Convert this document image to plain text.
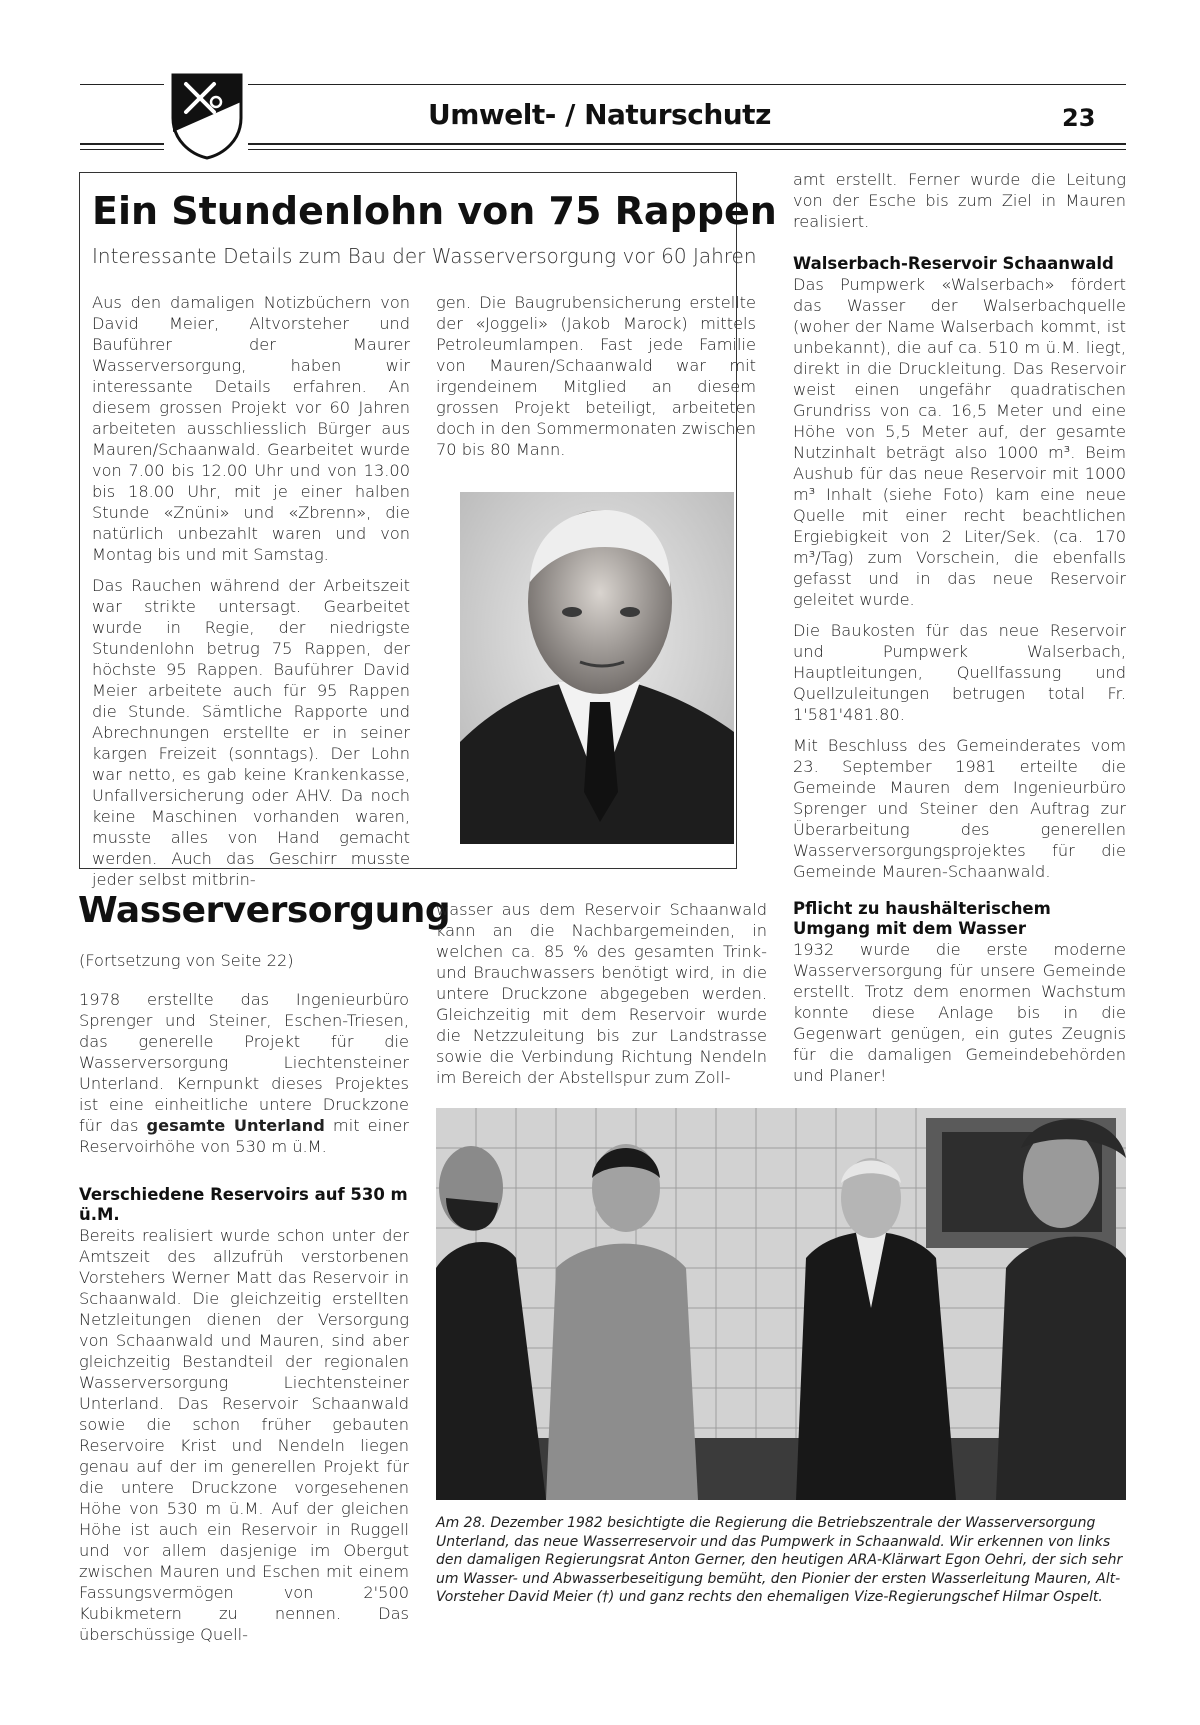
Umwelt- / Naturschutz	23
Ein Stundenlohn von 75 Rappen
Interessante Details zum Bau der Wasserversorgung vor 60 Jahren

Aus den damaligen Notizbüchern von David Meier, Altvorsteher und Bauführer der Maurer Wasserversorgung, haben wir interessante Details erfahren. An diesem grossen Projekt vor 60 Jahren arbeiteten ausschliesslich Bürger aus Mauren/Schaanwald. Gearbeitet wurde von 7.00 bis 12.00 Uhr und von 13.00 bis 18.00 Uhr, mit je einer halben Stunde «Znüni» und «Zbrenn», die natürlich unbezahlt waren und von Montag bis und mit Samstag.

Das Rauchen während der Arbeitszeit war strikte untersagt. Gearbeitet wurde in Regie, der niedrigste Stundenlohn betrug 75 Rappen, der höchste 95 Rappen. Bauführer David Meier arbeitete auch für 95 Rappen die Stunde. Sämtliche Rapporte und Abrechnungen erstellte er in seiner kargen Freizeit (sonntags). Der Lohn war netto, es gab keine Krankenkasse, Unfallversicherung oder AHV. Da noch keine Maschinen vorhanden waren, musste alles von Hand gemacht werden. Auch das Geschirr musste jeder selbst mitbrin-

gen. Die Baugrubensicherung erstellte der «Joggeli» (Jakob Marock) mittels Petroleumlampen. Fast jede Familie von Mauren/Schaanwald war mit irgendeinem Mitglied an diesem grossen Projekt beteiligt, arbeiteten doch in den Sommermonaten zwischen 70 bis 80 Mann.

amt erstellt. Ferner wurde die Leitung von der Esche bis zum Ziel in Mauren realisiert.

Walserbach-Reservoir Schaanwald

Das Pumpwerk «Walserbach» fördert das Wasser der Walserbachquelle (woher der Name Walserbach kommt, ist unbekannt), die auf ca. 510 m ü.M. liegt, direkt in die Druckleitung. Das Reservoir weist einen ungefähr quadratischen Grundriss von ca. 16,5 Meter und eine Höhe von 5,5 Meter auf, der gesamte Nutzinhalt beträgt also 1000 m³. Beim Aushub für das neue Reservoir mit 1000 m³ Inhalt (siehe Foto) kam eine neue Quelle mit einer recht beachtlichen Ergiebigkeit von 2 Liter/Sek. (ca. 170 m³/Tag) zum Vorschein, die ebenfalls gefasst und in das neue Reservoir geleitet wurde.

Die Baukosten für das neue Reservoir und Pumpwerk Walserbach, Hauptleitungen, Quellfassung und Quellzuleitungen betrugen total Fr. 1'581'481.80.

Mit Beschluss des Gemeinderates vom 23. September 1981 erteilte die Gemeinde Mauren dem Ingenieurbüro Sprenger und Steiner den Auftrag zur Überarbeitung des generellen Wasserversorgungsprojektes für die Gemeinde Mauren-Schaanwald.

Wasserversorgung

(Fortsetzung von Seite 22)

1978 erstellte das Ingenieurbüro Sprenger und Steiner, Eschen-Triesen, das generelle Projekt für die Wasserversorgung Liechtensteiner Unterland. Kernpunkt dieses Projektes ist eine einheitliche untere Druckzone für das gesamte Unterland mit einer Reservoirhöhe von 530 m ü.M.

Verschiedene Reservoirs auf 530 m ü.M.

Bereits realisiert wurde schon unter der Amtszeit des allzufrüh verstorbenen Vorstehers Werner Matt das Reservoir in Schaanwald. Die gleichzeitig erstellten Netzleitungen dienen der Versorgung von Schaanwald und Mauren, sind aber gleichzeitig Bestandteil der regionalen Wasserversorgung Liechtensteiner Unterland. Das Reservoir Schaanwald sowie die schon früher gebauten Reservoire Krist und Nendeln liegen genau auf der im generellen Projekt für die untere Druckzone vorgesehenen Höhe von 530 m ü.M. Auf der gleichen Höhe ist auch ein Reservoir in Ruggell und vor allem dasjenige im Obergut zwischen Mauren und Eschen mit einem Fassungsvermögen von 2'500 Kubikmetern zu nennen. Das überschüssige Quell-

wasser aus dem Reservoir Schaanwald kann an die Nachbargemeinden, in welchen ca. 85 % des gesamten Trink- und Brauchwassers benötigt wird, in die untere Druckzone abgegeben werden. Gleichzeitig mit dem Reservoir wurde die Netzzuleitung bis zur Landstrasse sowie die Verbindung Richtung Nendeln im Bereich der Abstellspur zum Zoll-

Pflicht zu haushälterischem Umgang mit dem Wasser

1932 wurde die erste moderne Wasserversorgung für unsere Gemeinde erstellt. Trotz dem enormen Wachstum konnte diese Anlage bis in die Gegenwart genügen, ein gutes Zeugnis für die damaligen Gemeindebehörden und Planer!

Am 28. Dezember 1982 besichtigte die Regierung die Betriebszentrale der Wasserversorgung Unterland, das neue Wasserreservoir und das Pumpwerk in Schaanwald. Wir erkennen von links den damaligen Regierungsrat Anton Gerner, den heutigen ARA-Klärwart Egon Oehri, der sich sehr um Wasser- und Abwasserbeseitigung bemüht, den Pionier der ersten Wasserleitung Mauren, Alt-Vorsteher David Meier (†) und ganz rechts den ehemaligen Vize-Regierungschef Hilmar Ospelt.
